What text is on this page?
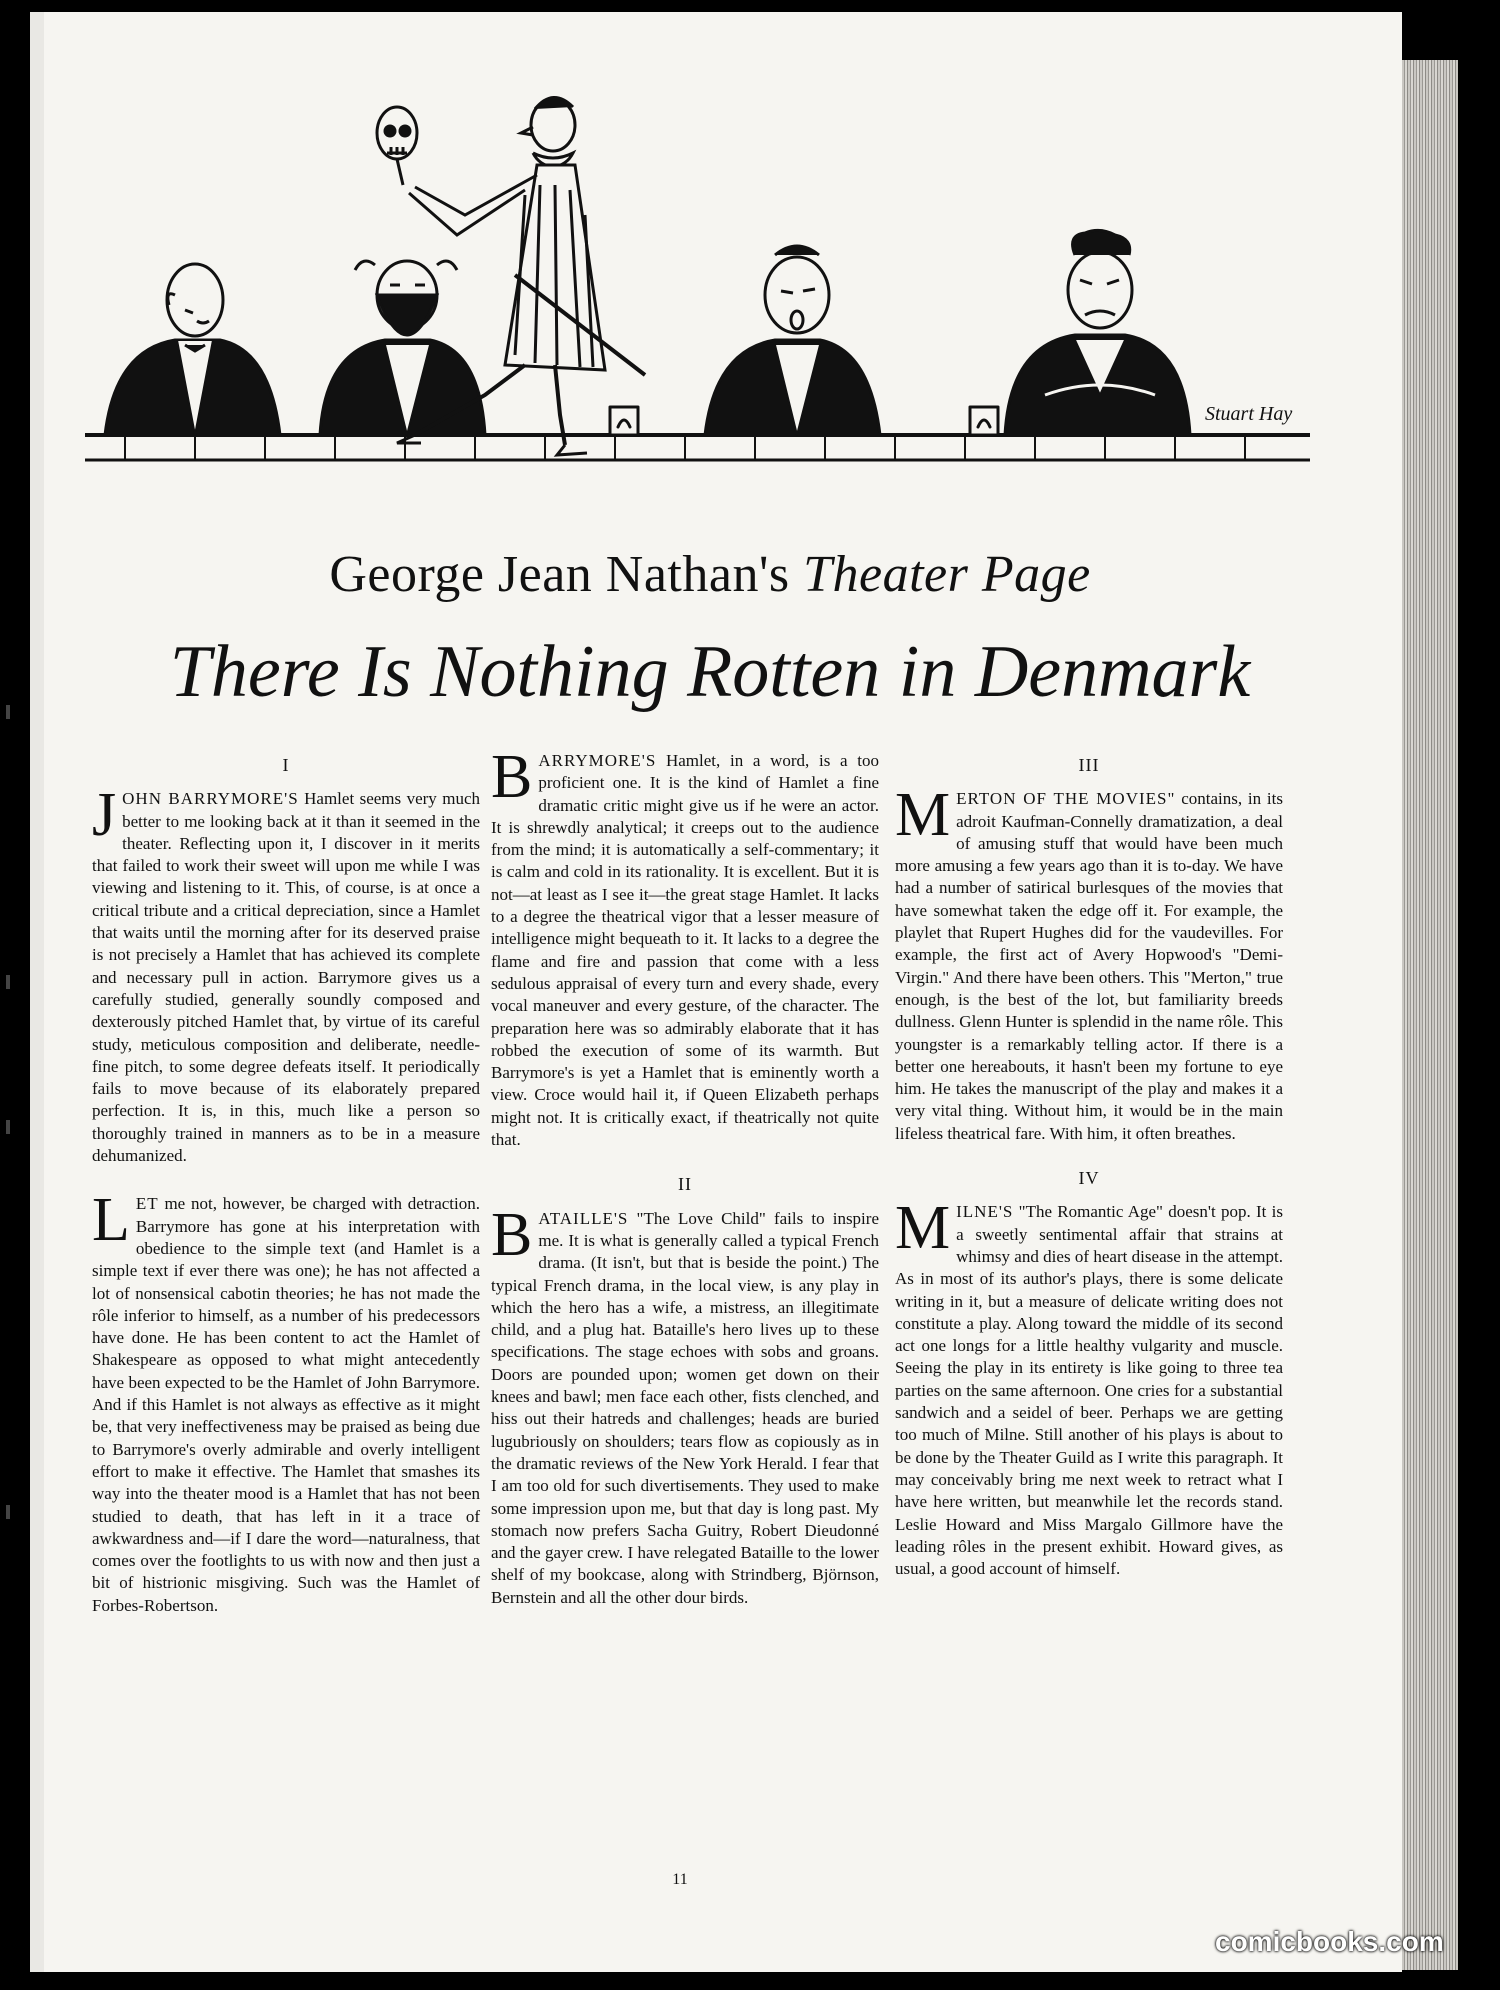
Stuart Hay
George Jean Nathan's Theater Page
There Is Nothing Rotten in Denmark
I

JOHN BARRYMORE'S Hamlet seems very much better to me looking back at it than it seemed in the theater. Reflecting upon it, I discover in it merits that failed to work their sweet will upon me while I was viewing and listening to it. This, of course, is at once a critical tribute and a critical depreciation, since a Hamlet that waits until the morning after for its deserved praise is not precisely a Hamlet that has achieved its complete and necessary pull in action. Barrymore gives us a carefully studied, generally soundly composed and dexterously pitched Hamlet that, by virtue of its careful study, meticulous composition and deliberate, needle-fine pitch, to some degree defeats itself. It periodically fails to move because of its elaborately prepared perfection. It is, in this, much like a person so thoroughly trained in manners as to be in a measure dehumanized.

LET me not, however, be charged with detraction. Barrymore has gone at his interpretation with obedience to the simple text (and Hamlet is a simple text if ever there was one); he has not affected a lot of nonsensical cabotin theories; he has not made the rôle inferior to himself, as a number of his predecessors have done. He has been content to act the Hamlet of Shakespeare as opposed to what might antecedently have been expected to be the Hamlet of John Barrymore. And if this Hamlet is not always as effective as it might be, that very ineffectiveness may be praised as being due to Barrymore's overly admirable and overly intelligent effort to make it effective. The Hamlet that smashes its way into the theater mood is a Hamlet that has not been studied to death, that has left in it a trace of awkwardness and—if I dare the word—naturalness, that comes over the footlights to us with now and then just a bit of histrionic misgiving. Such was the Hamlet of Forbes-Robertson.

BARRYMORE'S Hamlet, in a word, is a too proficient one. It is the kind of Hamlet a fine dramatic critic might give us if he were an actor. It is shrewdly analytical; it creeps out to the audience from the mind; it is automatically a self-commentary; it is calm and cold in its rationality. It is excellent. But it is not—at least as I see it—the great stage Hamlet. It lacks to a degree the theatrical vigor that a lesser measure of intelligence might bequeath to it. It lacks to a degree the flame and fire and passion that come with a less sedulous appraisal of every turn and every shade, every vocal maneuver and every gesture, of the character. The preparation here was so admirably elaborate that it has robbed the execution of some of its warmth. But Barrymore's is yet a Hamlet that is eminently worth a view. Croce would hail it, if Queen Elizabeth perhaps might not. It is critically exact, if theatrically not quite that.

II

BATAILLE'S "The Love Child" fails to inspire me. It is what is generally called a typical French drama. (It isn't, but that is beside the point.) The typical French drama, in the local view, is any play in which the hero has a wife, a mistress, an illegitimate child, and a plug hat. Bataille's hero lives up to these specifications. The stage echoes with sobs and groans. Doors are pounded upon; women get down on their knees and bawl; men face each other, fists clenched, and hiss out their hatreds and challenges; heads are buried lugubriously on shoulders; tears flow as copiously as in the dramatic reviews of the New York Herald. I fear that I am too old for such divertisements. They used to make some impression upon me, but that day is long past. My stomach now prefers Sacha Guitry, Robert Dieudonné and the gayer crew. I have relegated Bataille to the lower shelf of my bookcase, along with Strindberg, Björnson, Bernstein and all the other dour birds.

III

MERTON OF THE MOVIES" contains, in its adroit Kaufman-Connelly dramatization, a deal of amusing stuff that would have been much more amusing a few years ago than it is to-day. We have had a number of satirical burlesques of the movies that have somewhat taken the edge off it. For example, the playlet that Rupert Hughes did for the vaudevilles. For example, the first act of Avery Hopwood's "Demi-Virgin." And there have been others. This "Merton," true enough, is the best of the lot, but familiarity breeds dullness. Glenn Hunter is splendid in the name rôle. This youngster is a remarkably telling actor. If there is a better one hereabouts, it hasn't been my fortune to eye him. He takes the manuscript of the play and makes it a very vital thing. Without him, it would be in the main lifeless theatrical fare. With him, it often breathes.

IV

MILNE'S "The Romantic Age" doesn't pop. It is a sweetly sentimental affair that strains at whimsy and dies of heart disease in the attempt. As in most of its author's plays, there is some delicate writing in it, but a measure of delicate writing does not constitute a play. Along toward the middle of its second act one longs for a little healthy vulgarity and muscle. Seeing the play in its entirety is like going to three tea parties on the same afternoon. One cries for a substantial sandwich and a seidel of beer. Perhaps we are getting too much of Milne. Still another of his plays is about to be done by the Theater Guild as I write this paragraph. It may conceivably bring me next week to retract what I have here written, but meanwhile let the records stand. Leslie Howard and Miss Margalo Gillmore have the leading rôles in the present exhibit. Howard gives, as usual, a good account of himself.

11
comicbooks.com
